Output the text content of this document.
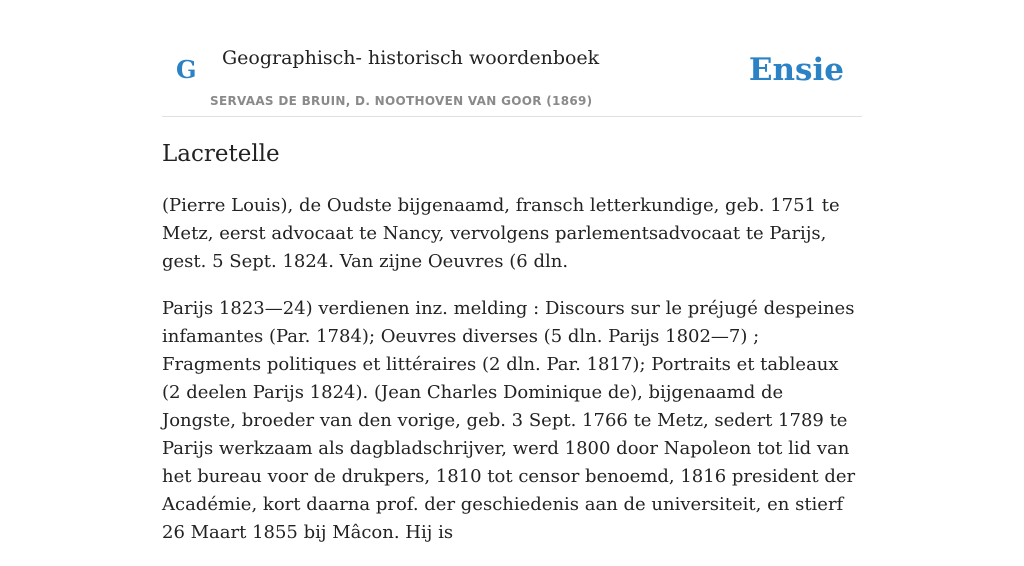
G Geographisch- historisch woordenboek
SERVAAS DE BRUIN, D. NOOTHOVEN VAN GOOR (1869)
Ensie
Lacretelle

(Pierre Louis), de Oudste bijgenaamd, fransch letterkundige, geb. 1751 te Metz, eerst advocaat te Nancy, vervolgens parlementsadvocaat te Parijs, gest. 5 Sept. 1824. Van zijne Oeuvres (6 dln.

Parijs 1823—24) verdienen inz. melding : Discours sur le préjugé despeines infamantes (Par. 1784); Oeuvres diverses (5 dln. Parijs 1802—7) ; Fragments politiques et littéraires (2 dln. Par. 1817); Portraits et tableaux (2 deelen Parijs 1824). (Jean Charles Dominique de), bijgenaamd de Jongste, broeder van den vorige, geb. 3 Sept. 1766 te Metz, sedert 1789 te Parijs werkzaam als dagbladschrijver, werd 1800 door Napoleon tot lid van het bureau voor de drukpers, 1810 tot censor benoemd, 1816 president der Académie, kort daarna prof. der geschiedenis aan de universiteit, en stierf 26 Maart 1855 bij Mâcon. Hij is
